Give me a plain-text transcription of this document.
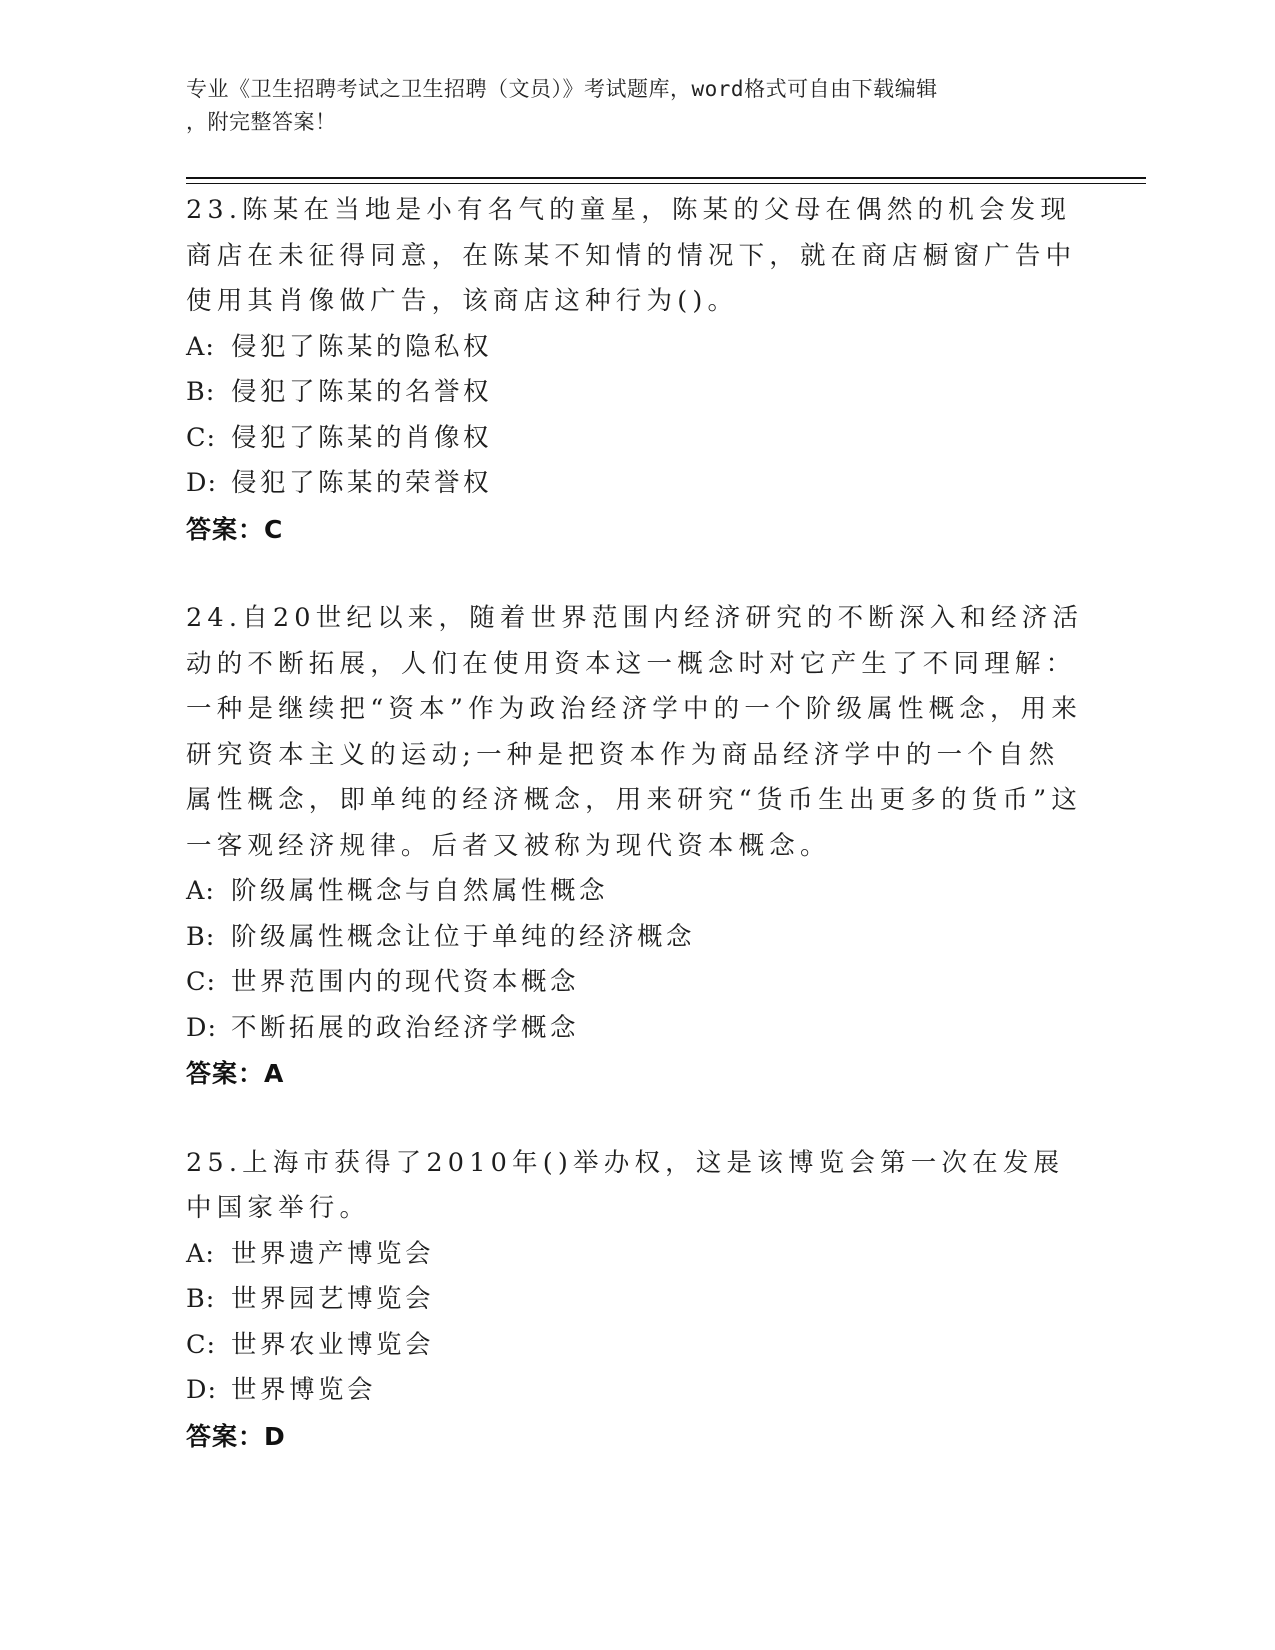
专业《卫生招聘考试之卫生招聘（文员）》考试题库，word格式可自由下载编辑
，附完整答案！

23.陈某在当地是小有名气的童星，陈某的父母在偶然的机会发现商店在未征得同意，在陈某不知情的情况下，就在商店橱窗广告中使用其肖像做广告，该商店这种行为()。

A: 侵犯了陈某的隐私权

B: 侵犯了陈某的名誉权

C: 侵犯了陈某的肖像权

D: 侵犯了陈某的荣誉权

答案：C

24.自20世纪以来，随着世界范围内经济研究的不断深入和经济活动的不断拓展，人们在使用资本这一概念时对它产生了不同理解：一种是继续把“资本”作为政治经济学中的一个阶级属性概念，用来研究资本主义的运动;一种是把资本作为商品经济学中的一个自然属性概念，即单纯的经济概念，用来研究“货币生出更多的货币”这一客观经济规律。后者又被称为现代资本概念。

A: 阶级属性概念与自然属性概念

B: 阶级属性概念让位于单纯的经济概念

C: 世界范围内的现代资本概念

D: 不断拓展的政治经济学概念

答案：A

25.上海市获得了2010年()举办权，这是该博览会第一次在发展中国家举行。

A: 世界遗产博览会

B: 世界园艺博览会

C: 世界农业博览会

D: 世界博览会

答案：D
